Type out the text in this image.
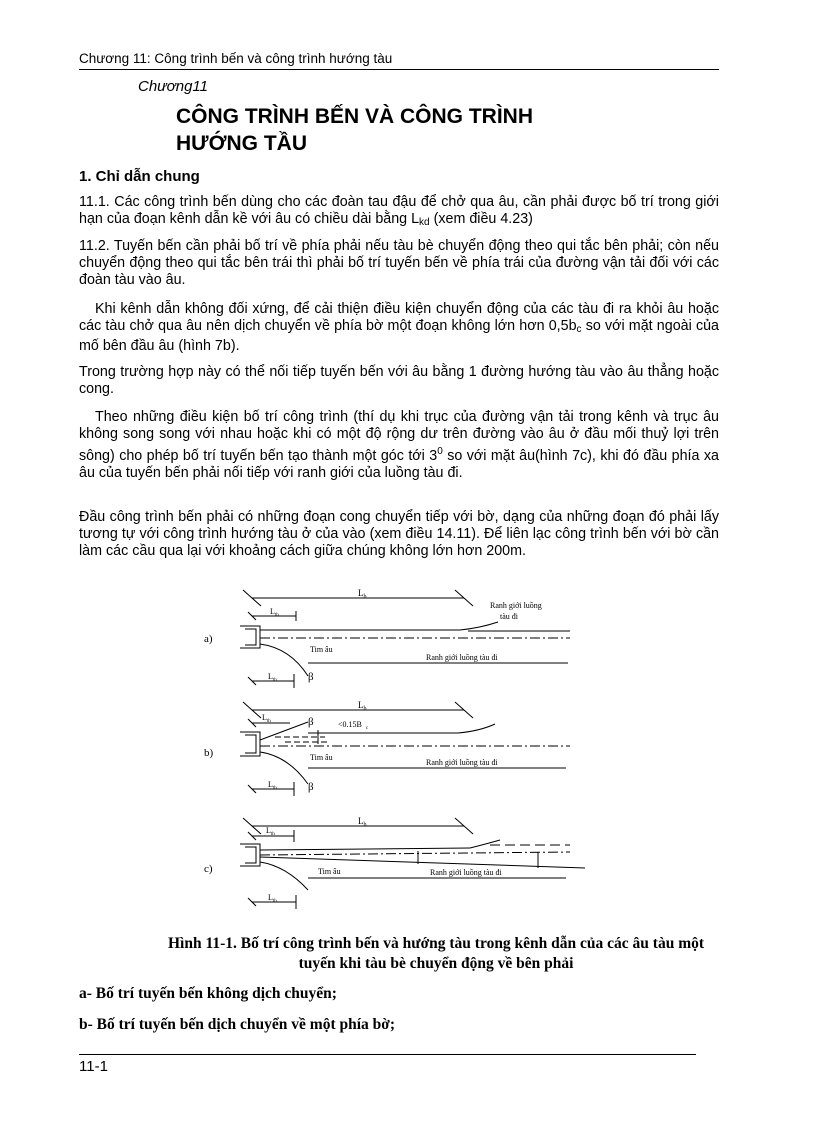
Chương 11: Công trình bến và công trình hướng tàu
Chương11
CÔNG TRÌNH BẾN VÀ CÔNG TRÌNH
HƯỚNG TẦU
1. Chỉ dẫn chung
11.1. Các công trình bến dùng cho các đoàn tau đậu để chở qua âu, cần phải được bố trí trong giới hạn của đoạn kênh dẫn kề với âu có chiều dài bằng $L_{kd}$ (xem điều 4.23)
11.2. Tuyến bến cần phải bố trí về phía phải nếu tàu bè chuyển động theo qui tắc bên phải; còn nếu chuyển động theo qui tắc bên trái thì phải bố trí tuyến bến về phía trái của đường vận tải đối với các đoàn tàu vào âu.
Khi kênh dẫn không đối xứng, để cải thiện điều kiện chuyển động của các tàu đi ra khỏi âu hoặc các tàu chở qua âu nên dịch chuyển về phía bờ một đoạn không lớn hơn $0,5b_c$ so với mặt ngoài của mố bên đầu âu (hình 7b).
Trong trường hợp này có thể nối tiếp tuyến bến với âu bằng 1 đường hướng tàu vào âu thẳng hoặc cong.
Theo những điều kiện bố trí công trình (thí dụ khi trục của đường vận tải trong kênh và trục âu không song song với nhau hoặc khi có một độ rộng dư trên đường vào âu ở đầu mối thuỷ lợi trên sông) cho phép bố trí tuyến bến tạo thành một góc tới $3^0$ so với mặt âu(hình 7c), khi đó đầu phía xa âu của tuyến bến phải nối tiếp với ranh giới của luồng tàu đi.
Đầu công trình bến phải có những đoạn cong chuyển tiếp với bờ, dạng của những đoạn đó phải lấy tương tự với công trình hướng tàu ở của vào (xem điều 14.11). Để liên lạc công trình bến với bờ cần làm các cầu qua lại với khoảng cách giữa chúng không lớn hơn 200m.
a)
$L_b$
$L_{th}$
Ranh giới luồng
tàu đi
Tim âu
Ranh giới luồng tàu đi
$L_{th}$	β
b)
$L_b$
$L_{th}$	β	<0.15B $_c$
Tim âu
Ranh giới luồng tàu đi
$L_{th}$	β
c)
$L_b$
$L_{th}$
Tim âu	Ranh giới luồng tàu đi
$L_{th}$
Hình 11-1. Bố trí công trình bến và hướng tàu trong kênh dẫn của các âu tàu một
tuyến khi tàu bè chuyển động về bên phải
a- Bố trí tuyến bến không dịch chuyển;
b- Bố trí tuyến bến dịch chuyển về một phía bờ;
11-1
